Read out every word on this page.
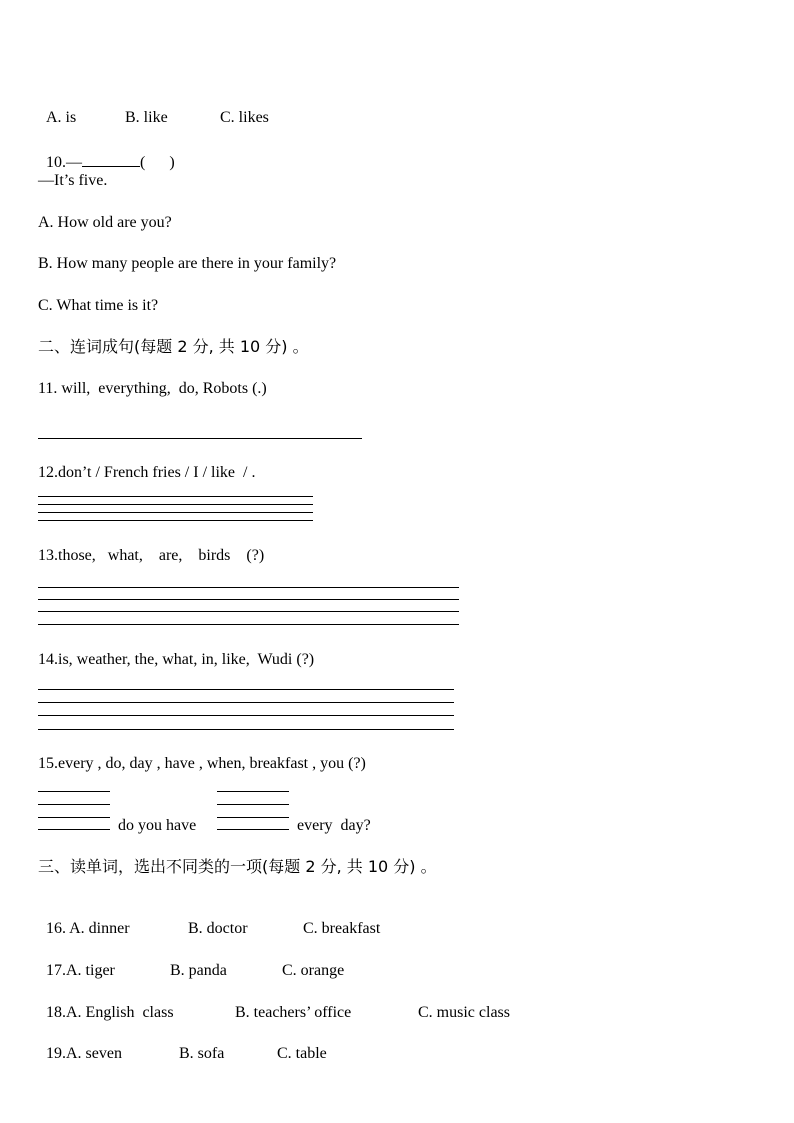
A. is	B. like	C. likes

10.—	(      )

—It’s five.
A. How old are you?
B. How many people are there in your family?
C. What time is it?
二、连词成句(每题 2 分, 共 10 分) 。
11. will,  everything,  do, Robots (.)
12.don’t / French fries / I / like  / .
13.those,   what,    are,    birds    (?)
14.is, weather, the, what, in, like,  Wudi (?)
15.every , do, day , have , when, breakfast , you (?)
do you have	every  day?
三、读单词，选出不同类的一项(每题 2 分, 共 10 分) 。

16. A. dinner	B. doctor	C. breakfast

17.A. tiger	B. panda	C. orange

18.A. English  class	B. teachers’ office	C. music class

19.A. seven	B. sofa	C. table
